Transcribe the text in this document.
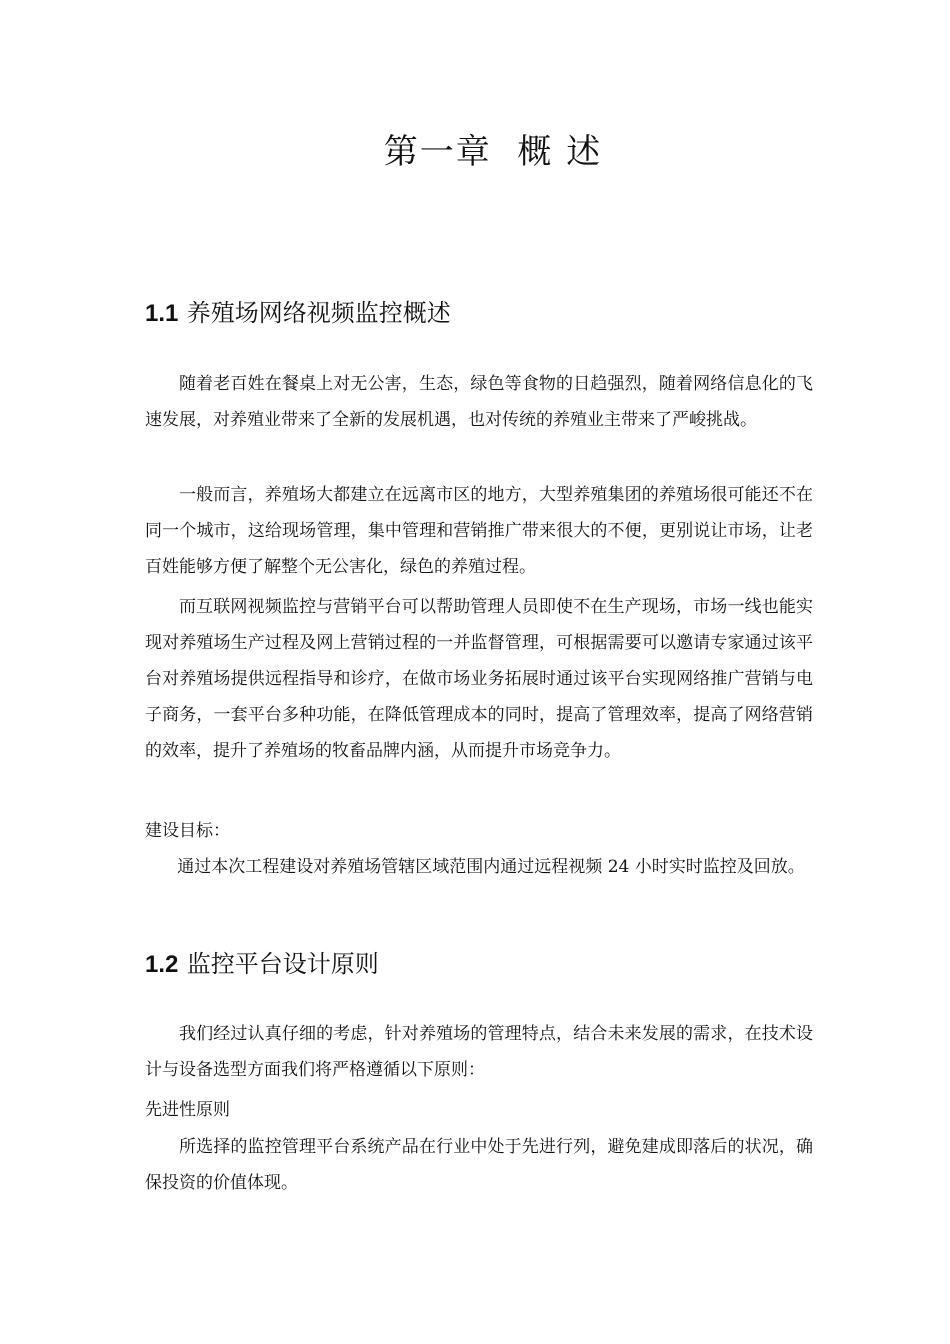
第一章  概 述
1.1 养殖场网络视频监控概述

随着老百姓在餐桌上对无公害，生态，绿色等食物的日趋强烈，随着网络信息化的飞速发展，对养殖业带来了全新的发展机遇，也对传统的养殖业主带来了严峻挑战。

一般而言，养殖场大都建立在远离市区的地方，大型养殖集团的养殖场很可能还不在同一个城市，这给现场管理，集中管理和营销推广带来很大的不便，更别说让市场，让老百姓能够方便了解整个无公害化，绿色的养殖过程。

而互联网视频监控与营销平台可以帮助管理人员即使不在生产现场，市场一线也能实现对养殖场生产过程及网上营销过程的一并监督管理，可根据需要可以邀请专家通过该平台对养殖场提供远程指导和诊疗，在做市场业务拓展时通过该平台实现网络推广营销与电子商务，一套平台多种功能，在降低管理成本的同时，提高了管理效率，提高了网络营销的效率，提升了养殖场的牧畜品牌内涵，从而提升市场竞争力。

建设目标：

通过本次工程建设对养殖场管辖区域范围内通过远程视频 24 小时实时监控及回放。

1.2 监控平台设计原则

我们经过认真仔细的考虑，针对养殖场的管理特点，结合未来发展的需求，在技术设计与设备选型方面我们将严格遵循以下原则：

先进性原则

所选择的监控管理平台系统产品在行业中处于先进行列，避免建成即落后的状况，确保投资的价值体现。
